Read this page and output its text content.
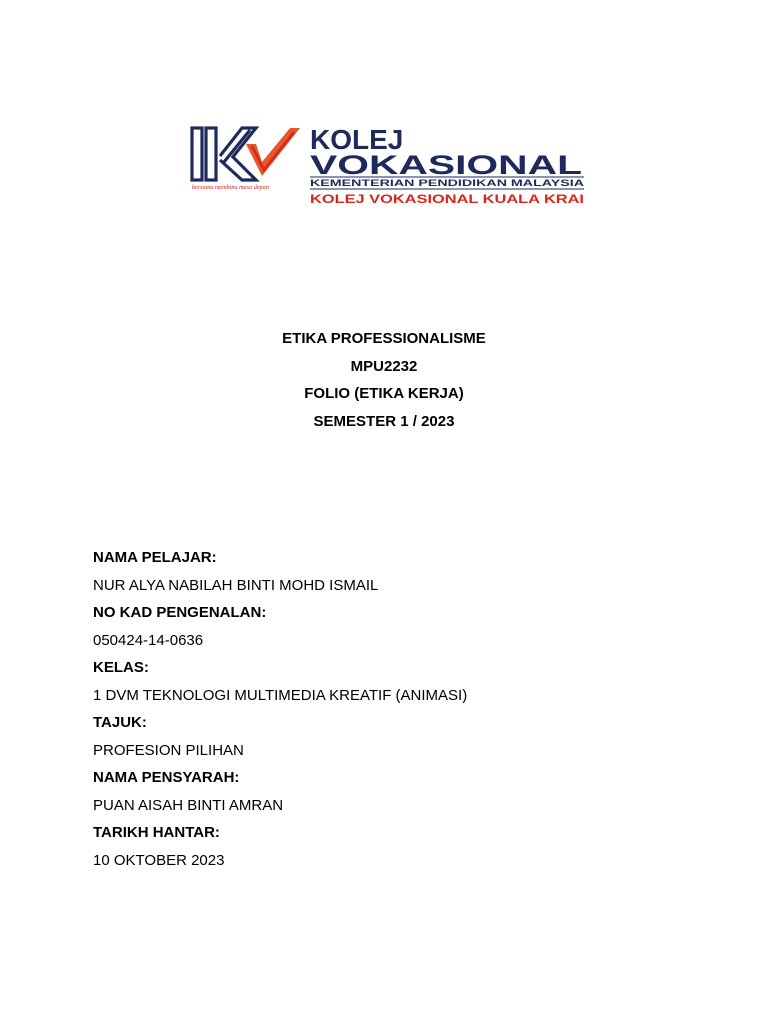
bersama membina masa depan
KOLEJ
VOKASIONAL
KEMENTERIAN PENDIDIKAN MALAYSIA
KOLEJ VOKASIONAL KUALA KRAI
ETIKA PROFESSIONALISME
MPU2232
FOLIO (ETIKA KERJA)
SEMESTER 1 / 2023
NAMA PELAJAR:
NUR ALYA NABILAH BINTI MOHD ISMAIL
NO KAD PENGENALAN:
050424-14-0636
KELAS:
1 DVM TEKNOLOGI MULTIMEDIA KREATIF (ANIMASI)
TAJUK:
PROFESION PILIHAN
NAMA PENSYARAH:
PUAN AISAH BINTI AMRAN
TARIKH HANTAR:
10 OKTOBER 2023
